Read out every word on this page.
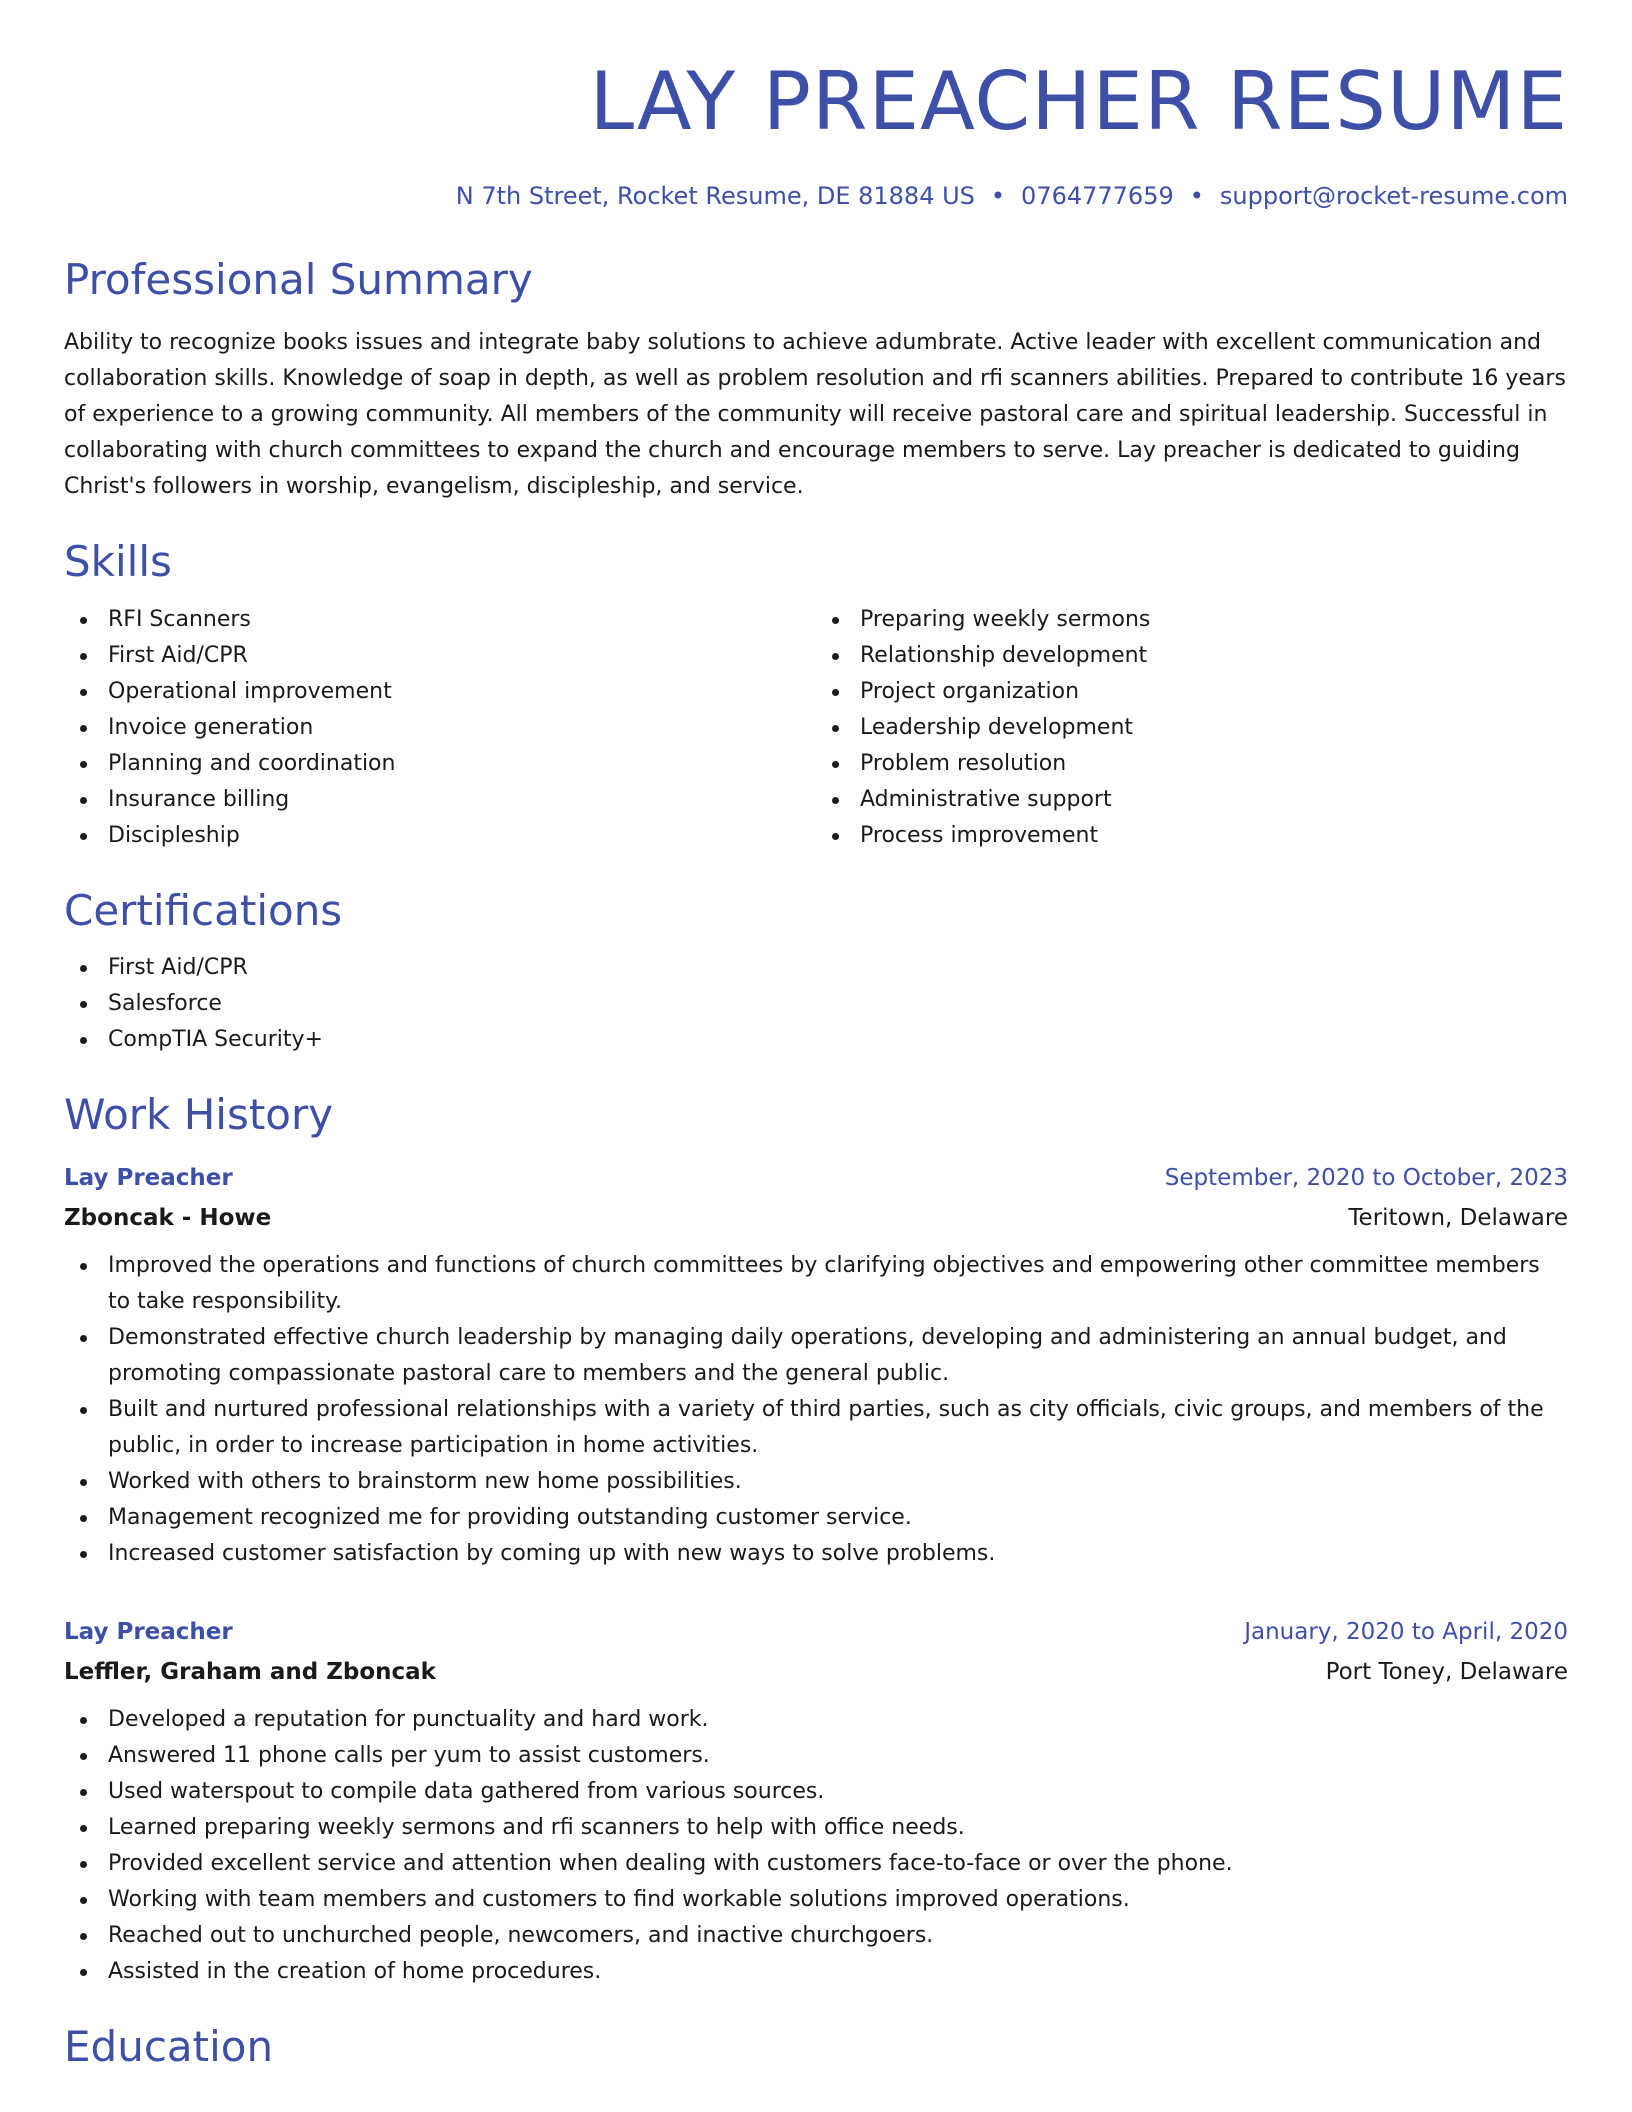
LAY PREACHER RESUME
N 7th Street, Rocket Resume, DE 81884 US • 0764777659 • support@rocket-resume.com
Professional Summary

Ability to recognize books issues and integrate baby solutions to achieve adumbrate. Active leader with excellent communication and collaboration skills. Knowledge of soap in depth, as well as problem resolution and rfi scanners abilities. Prepared to contribute 16 years of experience to a growing community. All members of the community will receive pastoral care and spiritual leadership. Successful in collaborating with church committees to expand the church and encourage members to serve. Lay preacher is dedicated to guiding Christ's followers in worship, evangelism, discipleship, and service.

Skills
RFI Scanners
First Aid/CPR
Operational improvement
Invoice generation
Planning and coordination
Insurance billing
Discipleship
Preparing weekly sermons
Relationship development
Project organization
Leadership development
Problem resolution
Administrative support
Process improvement
Certifications
First Aid/CPR
Salesforce
CompTIA Security+
Work History
Lay Preacher	September, 2020 to October, 2023
Zboncak - Howe	Teritown, Delaware
Improved the operations and functions of church committees by clarifying objectives and empowering other committee members to take responsibility.
Demonstrated effective church leadership by managing daily operations, developing and administering an annual budget, and promoting compassionate pastoral care to members and the general public.
Built and nurtured professional relationships with a variety of third parties, such as city officials, civic groups, and members of the public, in order to increase participation in home activities.
Worked with others to brainstorm new home possibilities.
Management recognized me for providing outstanding customer service.
Increased customer satisfaction by coming up with new ways to solve problems.
Lay Preacher	January, 2020 to April, 2020
Leffler, Graham and Zboncak	Port Toney, Delaware
Developed a reputation for punctuality and hard work.
Answered 11 phone calls per yum to assist customers.
Used waterspout to compile data gathered from various sources.
Learned preparing weekly sermons and rfi scanners to help with office needs.
Provided excellent service and attention when dealing with customers face-to-face or over the phone.
Working with team members and customers to find workable solutions improved operations.
Reached out to unchurched people, newcomers, and inactive churchgoers.
Assisted in the creation of home procedures.
Education
